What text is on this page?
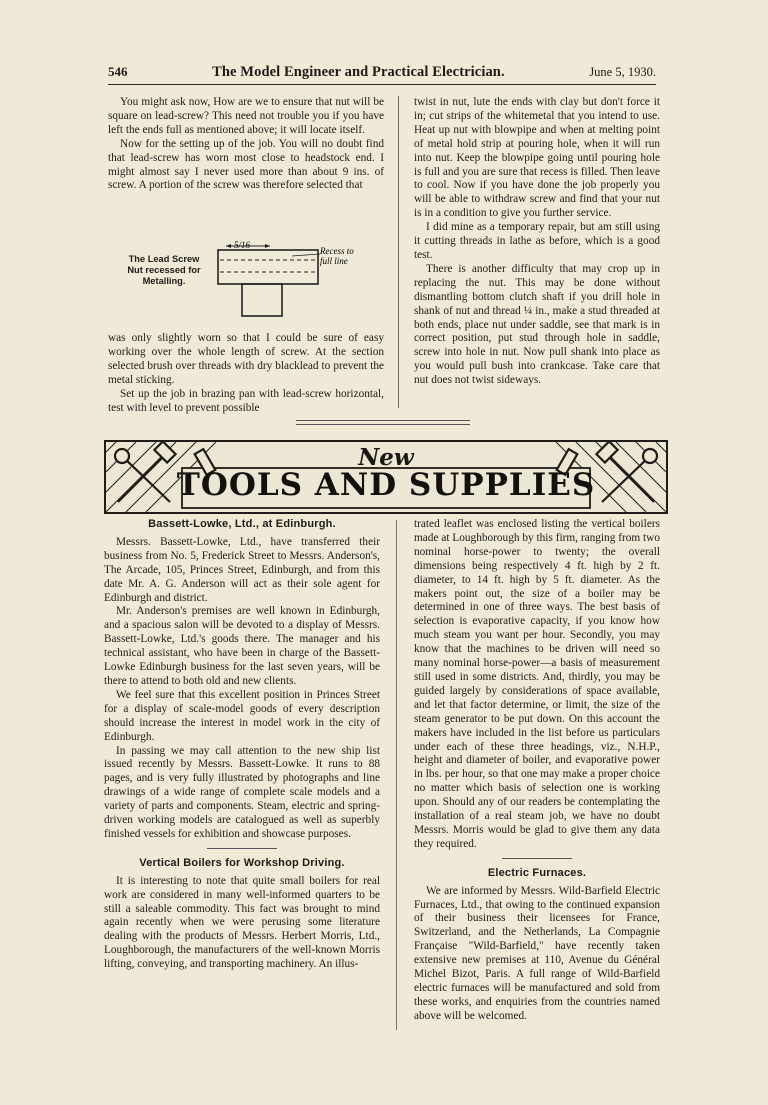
546	The Model Engineer and Practical Electrician.	June 5, 1930.

You might ask now, How are we to ensure that nut will be square on lead-screw? This need not trouble you if you have left the ends full as mentioned above; it will locate itself.

Now for the setting up of the job. You will no doubt find that lead-screw has worn most close to headstock end. I might almost say I never used more than about 9 ins. of screw. A portion of the screw was therefore selected that

The Lead Screw Nut recessed for Metalling.
5/16
Recess to full line

was only slightly worn so that I could be sure of easy working over the whole length of screw. At the section selected brush over threads with dry blacklead to prevent the metal sticking.

Set up the job in brazing pan with lead-screw horizontal, test with level to prevent possible

twist in nut, lute the ends with clay but don't force it in; cut strips of the whitemetal that you intend to use. Heat up nut with blowpipe and when at melting point of metal hold strip at pouring hole, when it will run into nut. Keep the blowpipe going until pouring hole is full and you are sure that recess is filled. Then leave to cool. Now if you have done the job properly you will be able to withdraw screw and find that your nut is in a condition to give you further service.

I did mine as a temporary repair, but am still using it cutting threads in lathe as before, which is a good test.

There is another difficulty that may crop up in replacing the nut. This may be done without dismantling bottom clutch shaft if you drill hole in shank of nut and thread ¼ in., make a stud threaded at both ends, place nut under saddle, see that mark is in correct position, put stud through hole in saddle, screw into hole in nut. Now pull shank into place as you would pull bush into crankcase. Take care that nut does not twist sideways.

New
TOOLS AND SUPPLIES
Bassett-Lowke, Ltd., at Edinburgh.

Messrs. Bassett-Lowke, Ltd., have transferred their business from No. 5, Frederick Street to Messrs. Anderson's, The Arcade, 105, Princes Street, Edinburgh, and from this date Mr. A. G. Anderson will act as their sole agent for Edinburgh and district.

Mr. Anderson's premises are well known in Edinburgh, and a spacious salon will be devoted to a display of Messrs. Bassett-Lowke, Ltd.'s goods there. The manager and his technical assistant, who have been in charge of the Bassett-Lowke Edinburgh business for the last seven years, will be there to attend to both old and new clients.

We feel sure that this excellent position in Princes Street for a display of scale-model goods of every description should increase the interest in model work in the city of Edinburgh.

In passing we may call attention to the new ship list issued recently by Messrs. Bassett-Lowke. It runs to 88 pages, and is very fully illustrated by photographs and line drawings of a wide range of complete scale models and a variety of parts and components. Steam, electric and spring-driven working models are catalogued as well as superbly finished vessels for exhibition and showcase purposes.

Vertical Boilers for Workshop Driving.

It is interesting to note that quite small boilers for real work are considered in many well-informed quarters to be still a saleable commodity. This fact was brought to mind again recently when we were perusing some literature dealing with the products of Messrs. Herbert Morris, Ltd., Loughborough, the manufacturers of the well-known Morris lifting, conveying, and transporting machinery. An illus-

trated leaflet was enclosed listing the vertical boilers made at Loughborough by this firm, ranging from two nominal horse-power to twenty; the overall dimensions being respectively 4 ft. high by 2 ft. diameter, to 14 ft. high by 5 ft. diameter. As the makers point out, the size of a boiler may be determined in one of three ways. The best basis of selection is evaporative capacity, if you know how much steam you want per hour. Secondly, you may know that the machines to be driven will need so many nominal horse-power—a basis of measurement still used in some districts. And, thirdly, you may be guided largely by considerations of space available, and let that factor determine, or limit, the size of the steam generator to be put down. On this account the makers have included in the list before us particulars under each of these three headings, viz., N.H.P., height and diameter of boiler, and evaporative power in lbs. per hour, so that one may make a proper choice no matter which basis of selection one is working upon. Should any of our readers be contemplating the installation of a real steam job, we have no doubt Messrs. Morris would be glad to give them any data they required.

Electric Furnaces.

We are informed by Messrs. Wild-Barfield Electric Furnaces, Ltd., that owing to the continued expansion of their business their licensees for France, Switzerland, and the Netherlands, La Compagnie Française "Wild-Barfield," have recently taken extensive new premises at 110, Avenue du Général Michel Bizot, Paris. A full range of Wild-Barfield electric furnaces will be manufactured and sold from these works, and enquiries from the countries named above will be welcomed.
